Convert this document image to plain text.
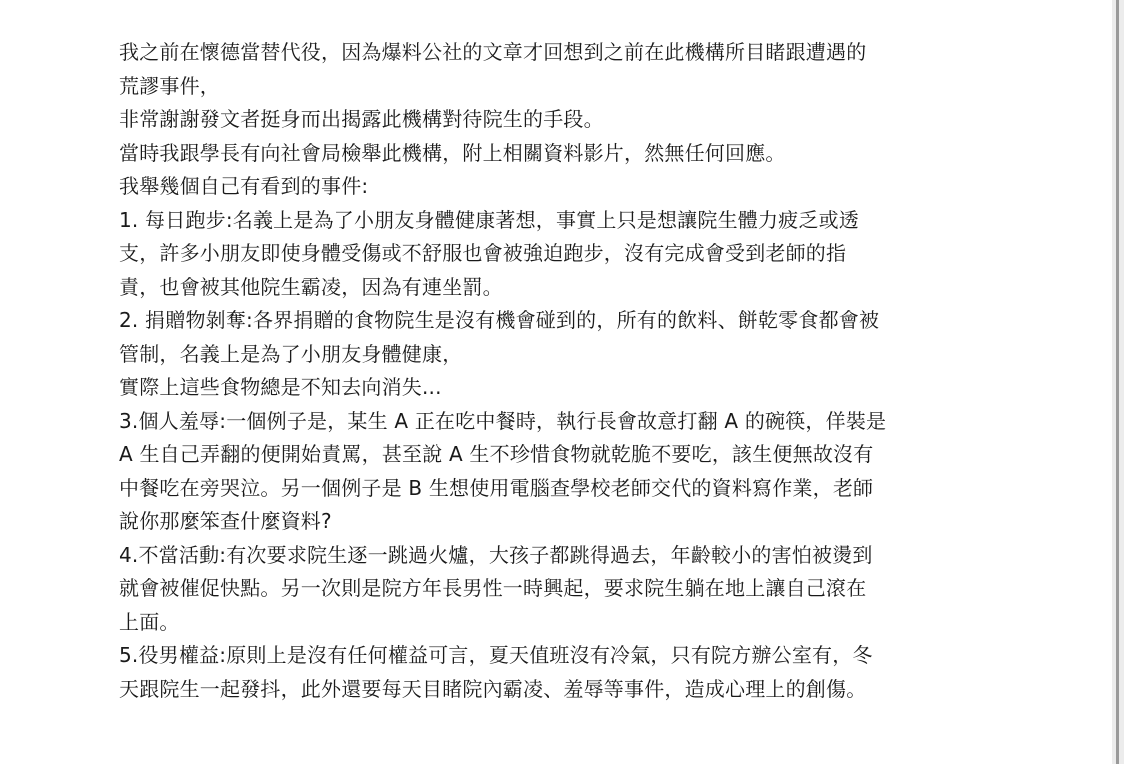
我之前在懷德當替代役，因為爆料公社的文章才回想到之前在此機構所目睹跟遭遇的
荒謬事件，
非常謝謝發文者挺身而出揭露此機構對待院生的手段。
當時我跟學長有向社會局檢舉此機構，附上相關資料影片，然無任何回應。
我舉幾個自己有看到的事件:
1. 每日跑步:名義上是為了小朋友身體健康著想，事實上只是想讓院生體力疲乏或透
支，許多小朋友即使身體受傷或不舒服也會被強迫跑步，沒有完成會受到老師的指
責，也會被其他院生霸凌，因為有連坐罰。
2. 捐贈物剝奪:各界捐贈的食物院生是沒有機會碰到的，所有的飲料、餅乾零食都會被
管制，名義上是為了小朋友身體健康，
實際上這些食物總是不知去向消失...
3.個人羞辱:一個例子是，某生 A 正在吃中餐時，執行長會故意打翻 A 的碗筷，佯裝是
A 生自己弄翻的便開始責罵，甚至說 A 生不珍惜食物就乾脆不要吃，該生便無故沒有
中餐吃在旁哭泣。另一個例子是 B 生想使用電腦查學校老師交代的資料寫作業，老師
說你那麼笨查什麼資料?
4.不當活動:有次要求院生逐一跳過火爐，大孩子都跳得過去，年齡較小的害怕被燙到
就會被催促快點。另一次則是院方年長男性一時興起，要求院生躺在地上讓自己滾在
上面。
5.役男權益:原則上是沒有任何權益可言，夏天值班沒有冷氣，只有院方辦公室有，冬
天跟院生一起發抖，此外還要每天目睹院內霸凌、羞辱等事件，造成心理上的創傷。
